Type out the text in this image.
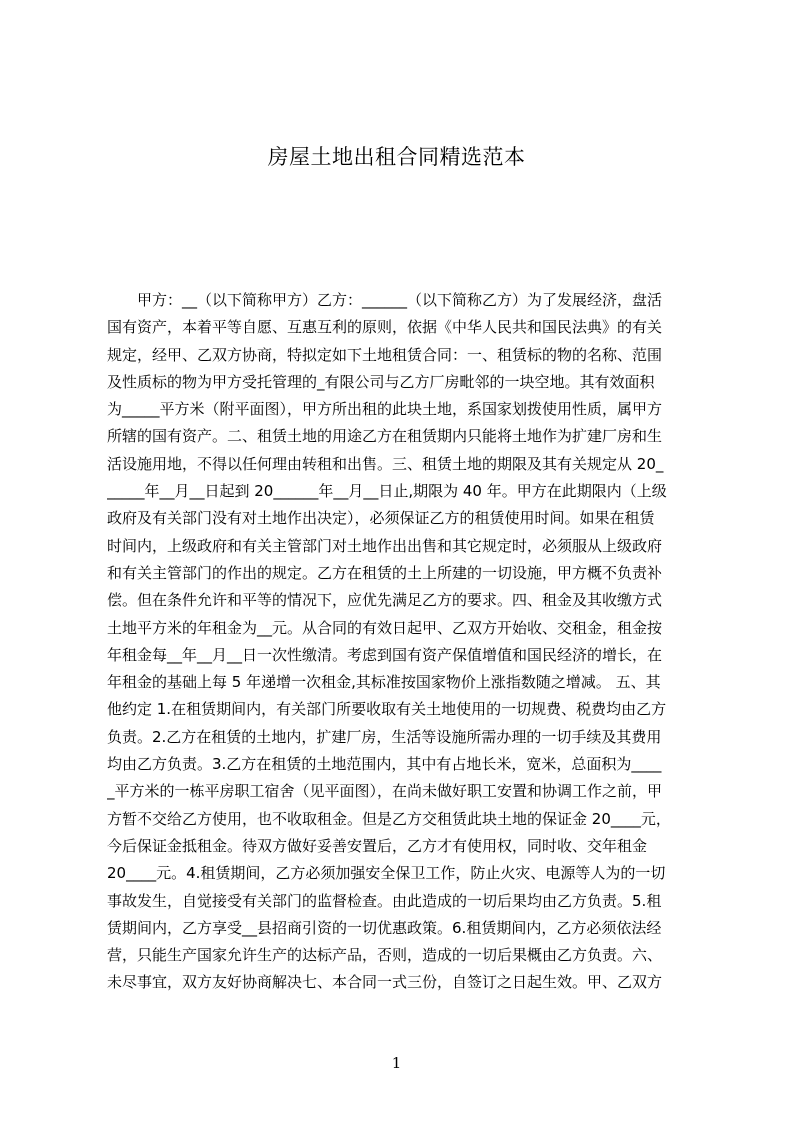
房屋土地出租合同精选范本
　　甲方：__（以下简称甲方）乙方：______（以下简称乙方）为了发展经济，盘活
国有资产，本着平等自愿、互惠互利的原则，依据《中华人民共和国民法典》的有关
规定，经甲、乙双方协商，特拟定如下土地租赁合同：一、租赁标的物的名称、范围
及性质标的物为甲方受托管理的_有限公司与乙方厂房毗邻的一块空地。其有效面积
为_____平方米（附平面图），甲方所出租的此块土地，系国家划拨使用性质，属甲方
所辖的国有资产。二、租赁土地的用途乙方在租赁期内只能将土地作为扩建厂房和生
活设施用地，不得以任何理由转租和出售。三、租赁土地的期限及其有关规定从 20_
_____年__月__日起到 20______年__月__日止,期限为 40 年。甲方在此期限内（上级
政府及有关部门没有对土地作出决定），必须保证乙方的租赁使用时间。如果在租赁
时间内，上级政府和有关主管部门对土地作出出售和其它规定时，必须服从上级政府
和有关主管部门的作出的规定。乙方在租赁的土上所建的一切设施，甲方概不负责补
偿。但在条件允许和平等的情况下，应优先满足乙方的要求。四、租金及其收缴方式
土地平方米的年租金为__元。从合同的有效日起甲、乙双方开始收、交租金，租金按
年租金每__年__月__日一次性缴清。考虑到国有资产保值增值和国民经济的增长，在
年租金的基础上每 5 年递增一次租金,其标准按国家物价上涨指数随之增减。 五、其
他约定 1.在租赁期间内，有关部门所要收取有关土地使用的一切规费、税费均由乙方
负责。2.乙方在租赁的土地内，扩建厂房，生活等设施所需办理的一切手续及其费用
均由乙方负责。3.乙方在租赁的土地范围内，其中有占地长米，宽米，总面积为____
_平方米的一栋平房职工宿舍（见平面图），在尚未做好职工安置和协调工作之前，甲
方暂不交给乙方使用，也不收取租金。但是乙方交租赁此块土地的保证金 20____元，
今后保证金抵租金。待双方做好妥善安置后，乙方才有使用权，同时收、交年租金
20____元。4.租赁期间，乙方必须加强安全保卫工作，防止火灾、电源等人为的一切
事故发生，自觉接受有关部门的监督检查。由此造成的一切后果均由乙方负责。5.租
赁期间内，乙方享受__县招商引资的一切优惠政策。6.租赁期间内，乙方必须依法经
营，只能生产国家允许生产的达标产品，否则，造成的一切后果概由乙方负责。六、
未尽事宜，双方友好协商解决七、本合同一式三份，自签订之日起生效。甲、乙双方
1
